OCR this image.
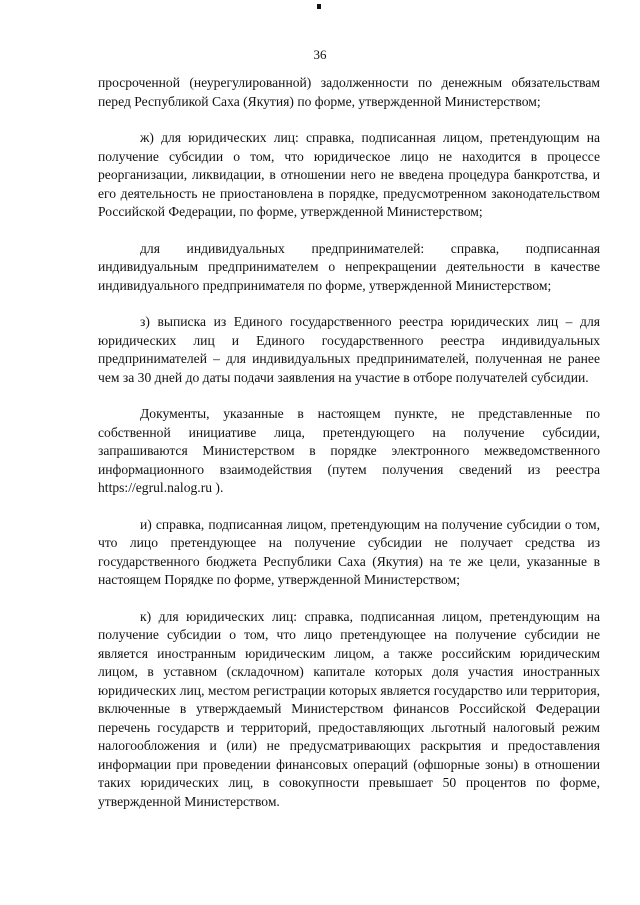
36

просроченной (неурегулированной) задолженности по денежным обязательствам перед Республикой Саха (Якутия) по форме, утвержденной Министерством;

ж) для юридических лиц: справка, подписанная лицом, претендующим на получение субсидии о том, что юридическое лицо не находится в процессе реорганизации, ликвидации, в отношении него не введена процедура банкротства, и его деятельность не приостановлена в порядке, предусмотренном законодательством Российской Федерации, по форме, утвержденной Министерством;

для индивидуальных предпринимателей: справка, подписанная индивидуальным предпринимателем о непрекращении деятельности в качестве индивидуального предпринимателя по форме, утвержденной Министерством;

з) выписка из Единого государственного реестра юридических лиц – для юридических лиц и Единого государственного реестра индивидуальных предпринимателей – для индивидуальных предпринимателей, полученная не ранее чем за 30 дней до даты подачи заявления на участие в отборе получателей субсидии.

Документы, указанные в настоящем пункте, не представленные по собственной инициативе лица, претендующего на получение субсидии, запрашиваются Министерством в порядке электронного межведомственного информационного взаимодействия (путем получения сведений из реестра https://egrul.nalog.ru ).

и) справка, подписанная лицом, претендующим на получение субсидии о том, что лицо претендующее на получение субсидии не получает средства из государственного бюджета Республики Саха (Якутия) на те же цели, указанные в настоящем Порядке по форме, утвержденной Министерством;

к) для юридических лиц: справка, подписанная лицом, претендующим на получение субсидии о том, что лицо претендующее на получение субсидии не является иностранным юридическим лицом, а также российским юридическим лицом, в уставном (складочном) капитале которых доля участия иностранных юридических лиц, местом регистрации которых является государство или территория, включенные в утверждаемый Министерством финансов Российской Федерации перечень государств и территорий, предоставляющих льготный налоговый режим налогообложения и (или) не предусматривающих раскрытия и предоставления информации при проведении финансовых операций (офшорные зоны) в отношении таких юридических лиц, в совокупности превышает 50 процентов по форме, утвержденной Министерством.
